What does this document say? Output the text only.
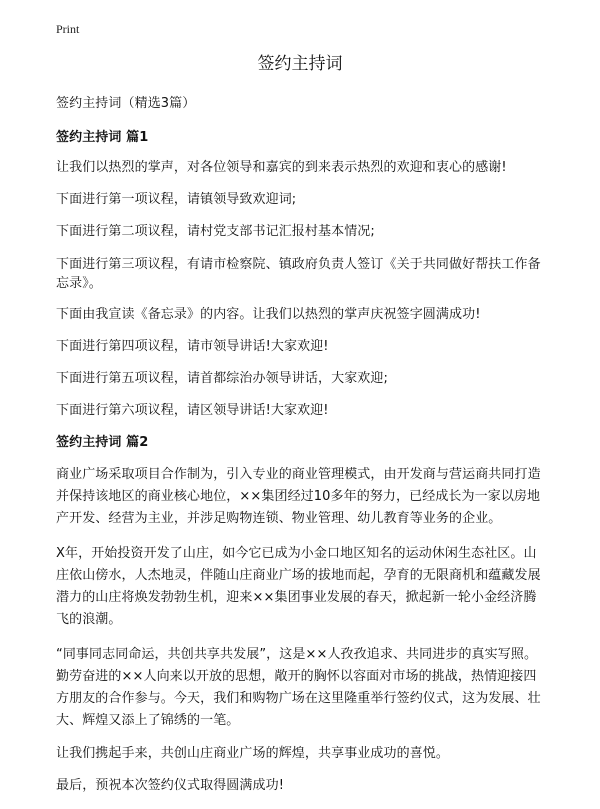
Print
签约主持词

签约主持词（精选3篇）

签约主持词 篇1

让我们以热烈的掌声，对各位领导和嘉宾的到来表示热烈的欢迎和衷心的感谢!

下面进行第一项议程，请镇领导致欢迎词;

下面进行第二项议程，请村党支部书记汇报村基本情况;

下面进行第三项议程，有请市检察院、镇政府负责人签订《关于共同做好帮扶工作备忘录》。

下面由我宣读《备忘录》的内容。让我们以热烈的掌声庆祝签字圆满成功!

下面进行第四项议程，请市领导讲话!大家欢迎!

下面进行第五项议程，请首都综治办领导讲话，大家欢迎;

下面进行第六项议程，请区领导讲话!大家欢迎!

签约主持词 篇2

商业广场采取项目合作制为，引入专业的商业管理模式，由开发商与营运商共同打造并保持该地区的商业核心地位，××集团经过10多年的努力，已经成长为一家以房地产开发、经营为主业，并涉足购物连锁、物业管理、幼儿教育等业务的企业。

X年，开始投资开发了山庄，如今它已成为小金口地区知名的运动休闲生态社区。山庄依山傍水，人杰地灵，伴随山庄商业广场的拔地而起，孕育的无限商机和蕴藏发展潜力的山庄将焕发勃勃生机，迎来××集团事业发展的春天，掀起新一轮小金经济腾飞的浪潮。

“同事同志同命运，共创共享共发展”，这是××人孜孜追求、共同进步的真实写照。勤劳奋进的××人向来以开放的思想，敞开的胸怀以容面对市场的挑战，热情迎接四方朋友的合作参与。今天，我们和购物广场在这里隆重举行签约仪式，这为发展、壮大、辉煌又添上了锦绣的一笔。

让我们携起手来，共创山庄商业广场的辉煌，共享事业成功的喜悦。

最后，预祝本次签约仪式取得圆满成功!
